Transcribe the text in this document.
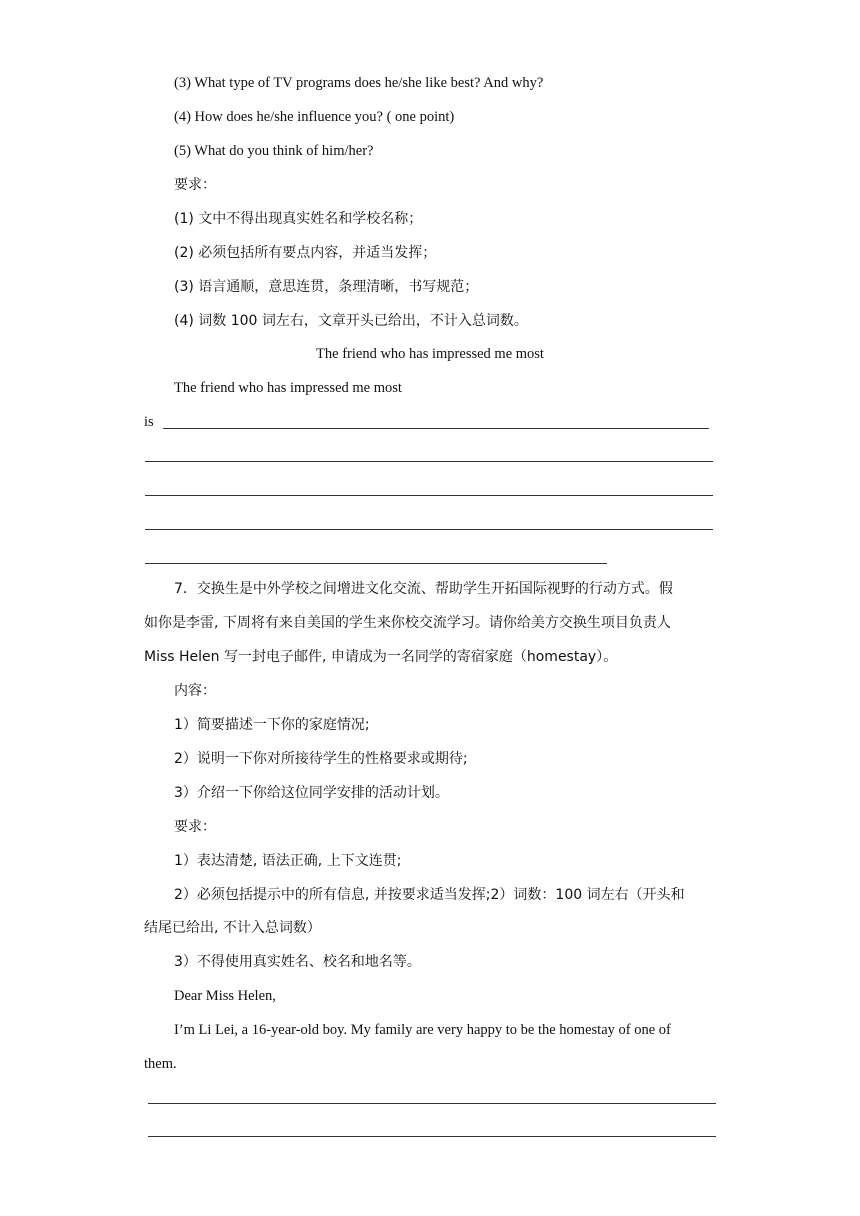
(3) What type of TV programs does he/she like best? And why?
(4) How does he/she influence you? ( one point)
(5) What do you think of him/her?
要求：
(1) 文中不得出现真实姓名和学校名称；
(2) 必须包括所有要点内容，并适当发挥；
(3) 语言通顺，意思连贯，条理清晰，书写规范；
(4) 词数 100 词左右，文章开头已给出，不计入总词数。
The friend who has impressed me most
The friend who has impressed me most
is
7．交换生是中外学校之间增进文化交流、帮助学生开拓国际视野的行动方式。假
如你是李雷, 下周将有来自美国的学生来你校交流学习。请你给美方交换生项目负责人
Miss Helen 写一封电子邮件, 申请成为一名同学的寄宿家庭（homestay）。
内容：
1）简要描述一下你的家庭情况;
2）说明一下你对所接待学生的性格要求或期待;
3）介绍一下你给这位同学安排的活动计划。
要求：
1）表达清楚, 语法正确, 上下文连贯;
2）必须包括提示中的所有信息, 并按要求适当发挥;2）词数：100 词左右（开头和
结尾已给出, 不计入总词数）
3）不得使用真实姓名、校名和地名等。
Dear Miss Helen,
I’m Li Lei, a 16-year-old boy. My family are very happy to be the homestay of one of
them.
